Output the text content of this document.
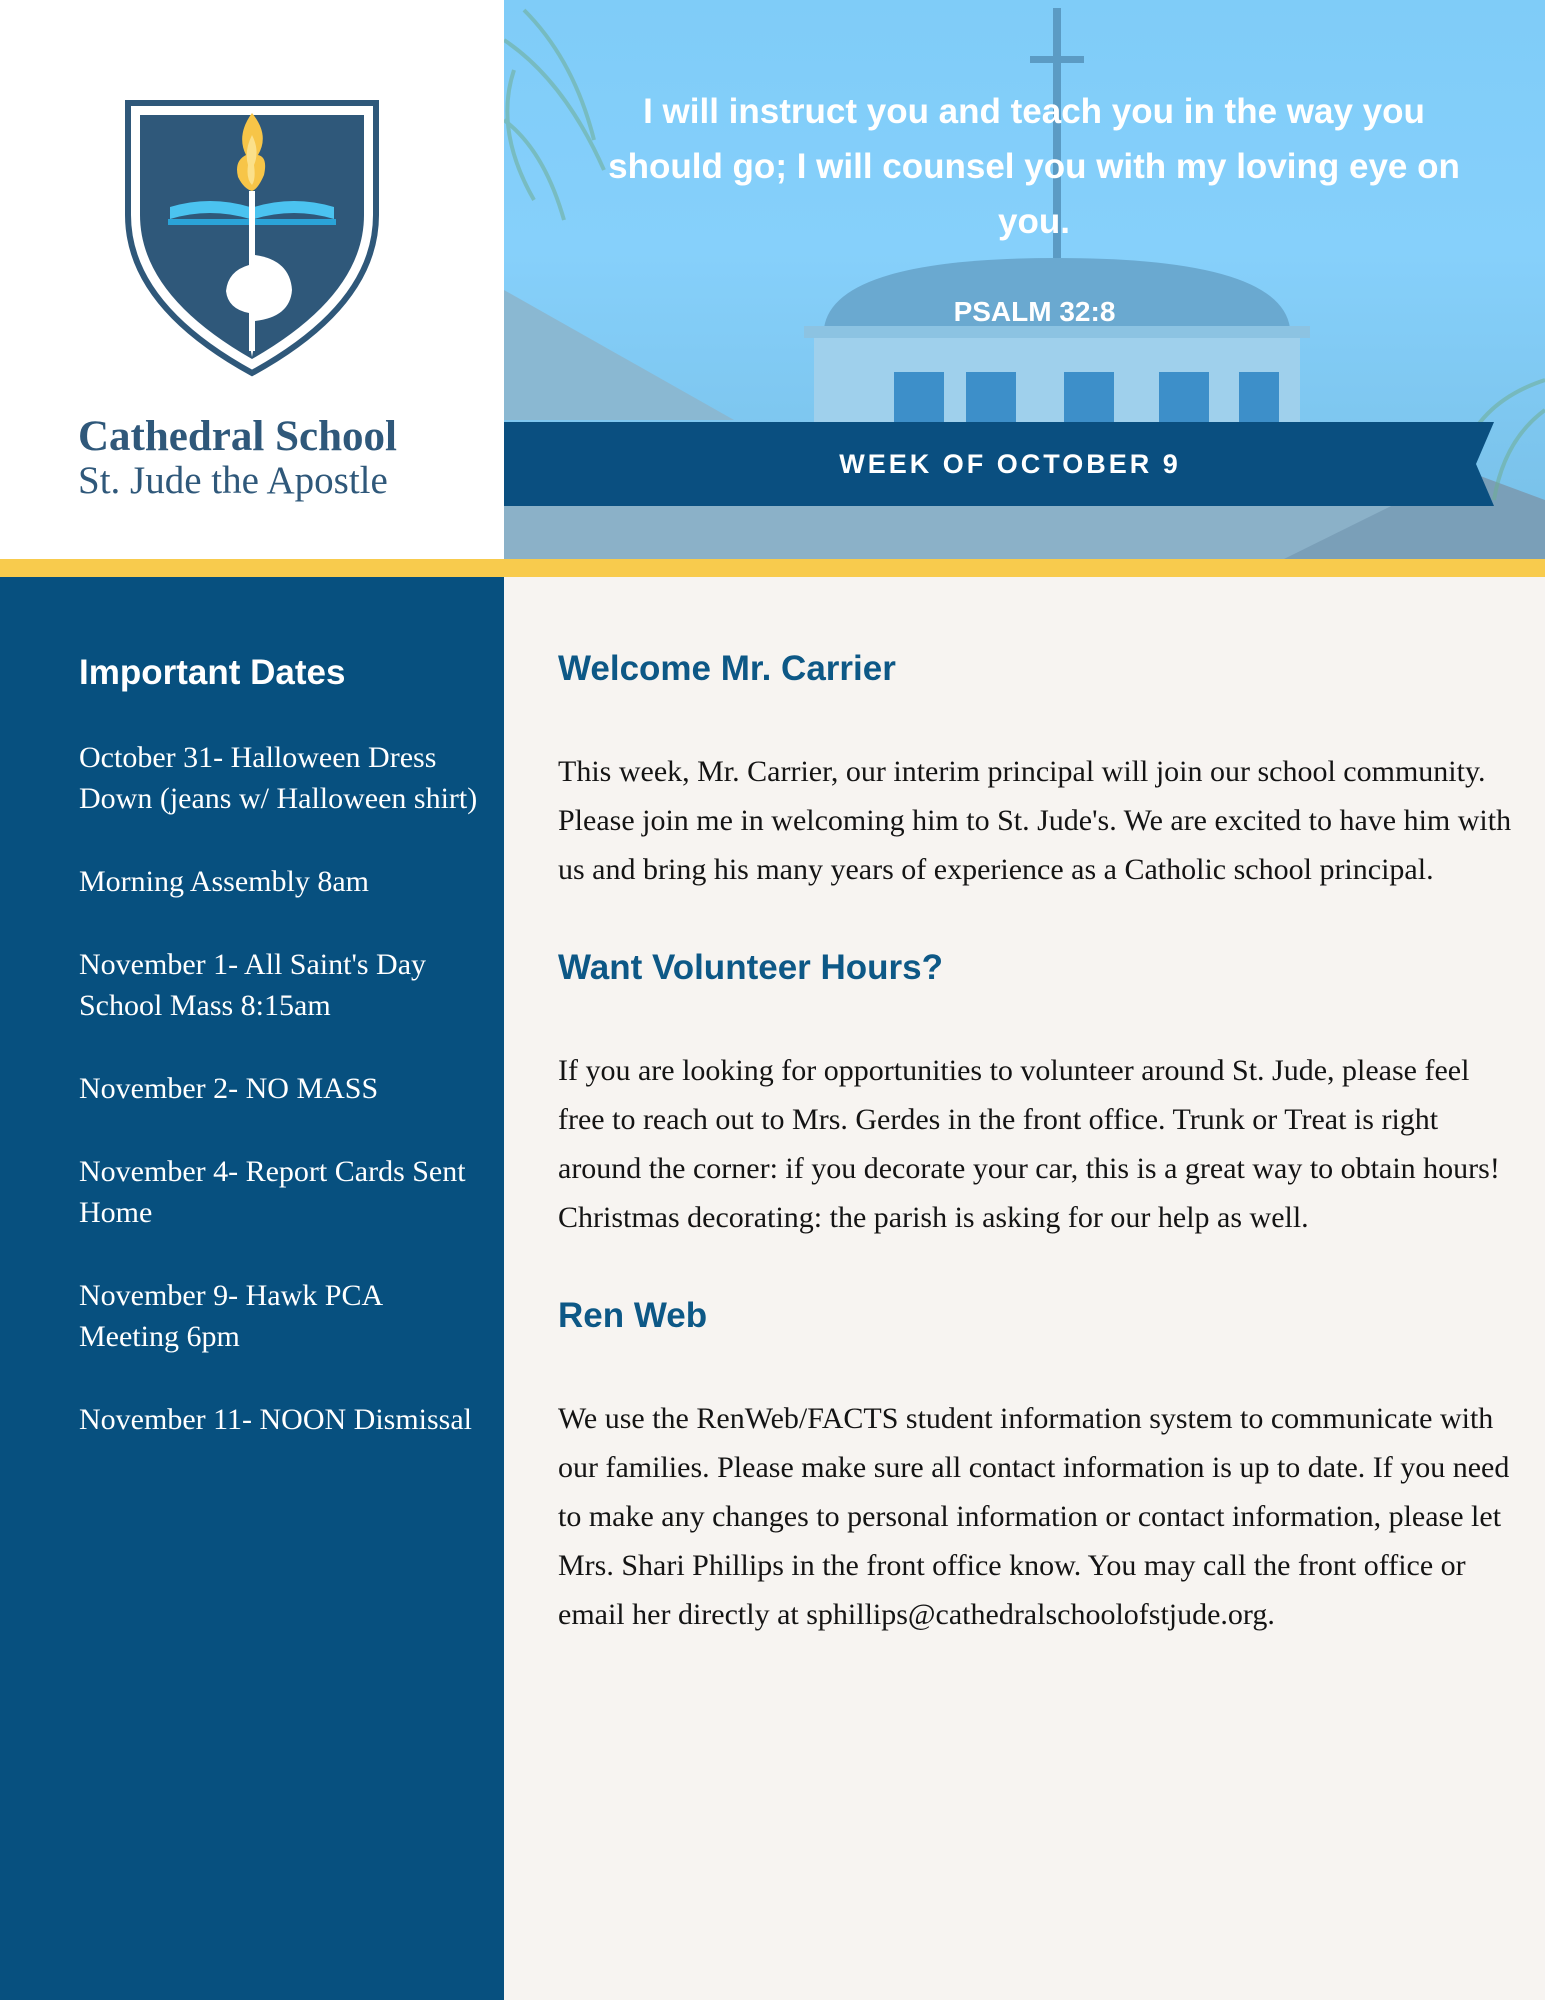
Cathedral School
St. Jude the Apostle
I will instruct you and teach you in the way you should go; I will counsel you with my loving eye on you.
PSALM 32:8
WEEK OF OCTOBER 9
Important Dates
October 31- Halloween Dress Down (jeans w/ Halloween shirt)
Morning Assembly 8am
November 1- All Saint's Day School Mass 8:15am
November 2- NO MASS
November 4- Report Cards Sent Home
November 9- Hawk PCA Meeting 6pm
November 11- NOON Dismissal
Welcome Mr. Carrier

This week, Mr. Carrier, our interim principal will join our school community. Please join me in welcoming him to St. Jude's. We are excited to have him with us and bring his many years of experience as a Catholic school principal.

Want Volunteer Hours?

If you are looking for opportunities to volunteer around St. Jude, please feel free to reach out to Mrs. Gerdes in the front office. Trunk or Treat is right around the corner: if you decorate your car, this is a great way to obtain hours!

Christmas decorating: the parish is asking for our help as well.

Ren Web

We use the RenWeb/FACTS student information system to communicate with our families. Please make sure all contact information is up to date. If you need to make any changes to personal information or contact information, please let Mrs. Shari Phillips in the front office know. You may call the front office or email her directly at sphillips@cathedralschoolofstjude.org.
